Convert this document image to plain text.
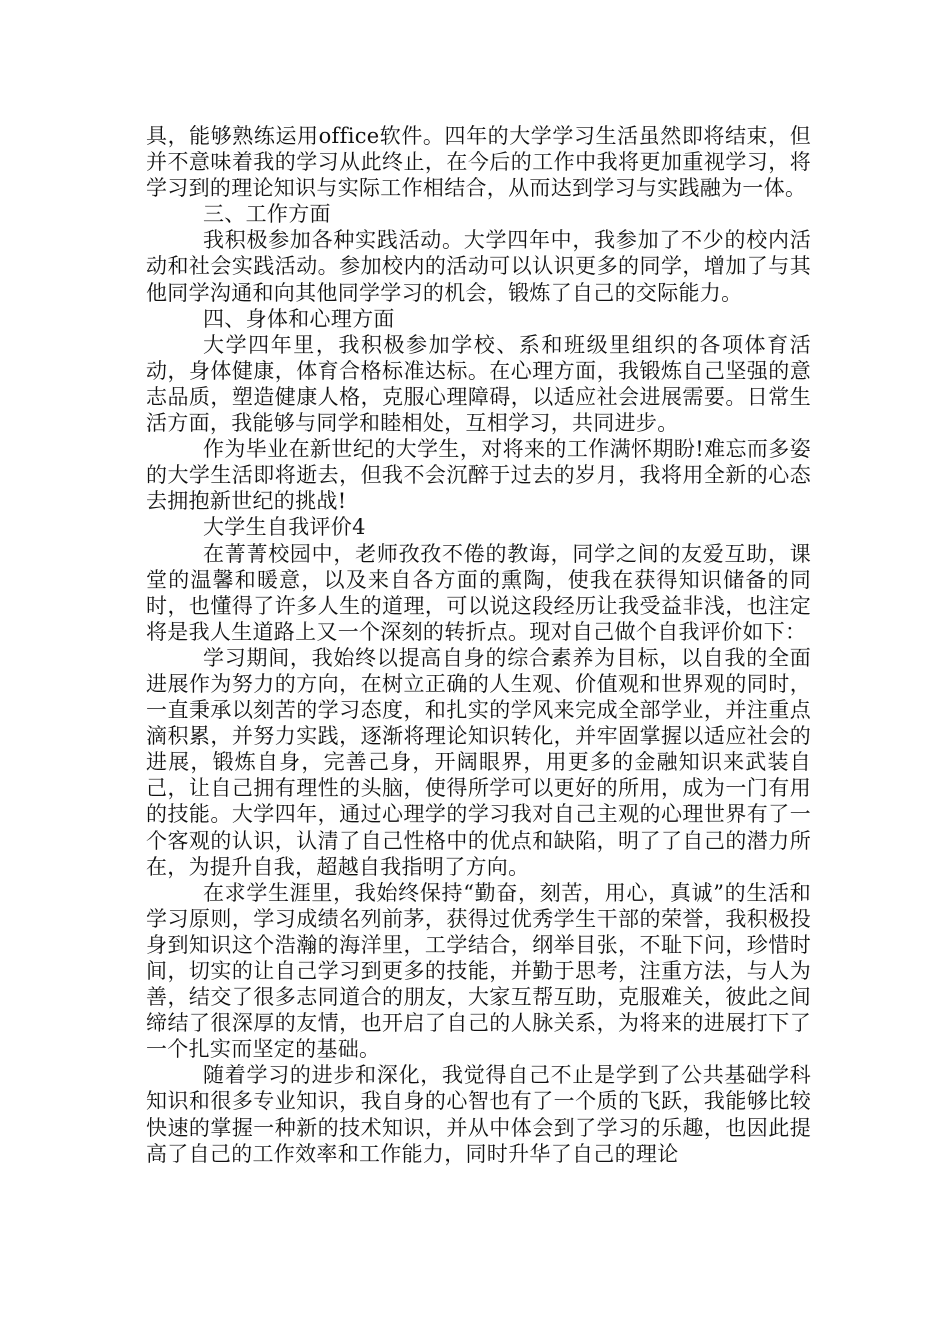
具，能够熟练运用office软件。四年的大学学习生活虽然即将结束，但并不意味着我的学习从此终止，在今后的工作中我将更加重视学习，将学习到的理论知识与实际工作相结合，从而达到学习与实践融为一体。

三、工作方面

我积极参加各种实践活动。大学四年中，我参加了不少的校内活动和社会实践活动。参加校内的活动可以认识更多的同学，增加了与其他同学沟通和向其他同学学习的机会，锻炼了自己的交际能力。

四、身体和心理方面

大学四年里，我积极参加学校、系和班级里组织的各项体育活动，身体健康，体育合格标准达标。在心理方面，我锻炼自己坚强的意志品质，塑造健康人格，克服心理障碍，以适应社会进展需要。日常生活方面，我能够与同学和睦相处，互相学习，共同进步。

作为毕业在新世纪的大学生，对将来的工作满怀期盼!难忘而多姿的大学生活即将逝去，但我不会沉醉于过去的岁月，我将用全新的心态去拥抱新世纪的挑战!

大学生自我评价4

在菁菁校园中，老师孜孜不倦的教诲，同学之间的友爱互助，课堂的温馨和暖意，以及来自各方面的熏陶，使我在获得知识储备的同时，也懂得了许多人生的道理，可以说这段经历让我受益非浅，也注定将是我人生道路上又一个深刻的转折点。现对自己做个自我评价如下：

学习期间，我始终以提高自身的综合素养为目标，以自我的全面进展作为努力的方向，在树立正确的人生观、价值观和世界观的同时，一直秉承以刻苦的学习态度，和扎实的学风来完成全部学业，并注重点滴积累，并努力实践，逐渐将理论知识转化，并牢固掌握以适应社会的进展，锻炼自身，完善己身，开阔眼界，用更多的金融知识来武装自己，让自己拥有理性的头脑，使得所学可以更好的所用，成为一门有用的技能。大学四年，通过心理学的学习我对自己主观的心理世界有了一个客观的认识，认清了自己性格中的优点和缺陷，明了了自己的潜力所在，为提升自我，超越自我指明了方向。

在求学生涯里，我始终保持“勤奋，刻苦，用心，真诚”的生活和学习原则，学习成绩名列前茅，获得过优秀学生干部的荣誉，我积极投身到知识这个浩瀚的海洋里，工学结合，纲举目张，不耻下问，珍惜时间，切实的让自己学习到更多的技能，并勤于思考，注重方法，与人为善，结交了很多志同道合的朋友，大家互帮互助，克服难关，彼此之间缔结了很深厚的友情，也开启了自己的人脉关系，为将来的进展打下了一个扎实而坚定的基础。

随着学习的进步和深化，我觉得自己不止是学到了公共基础学科知识和很多专业知识，我自身的心智也有了一个质的飞跃，我能够比较快速的掌握一种新的技术知识，并从中体会到了学习的乐趣，也因此提高了自己的工作效率和工作能力，同时升华了自己的理论
